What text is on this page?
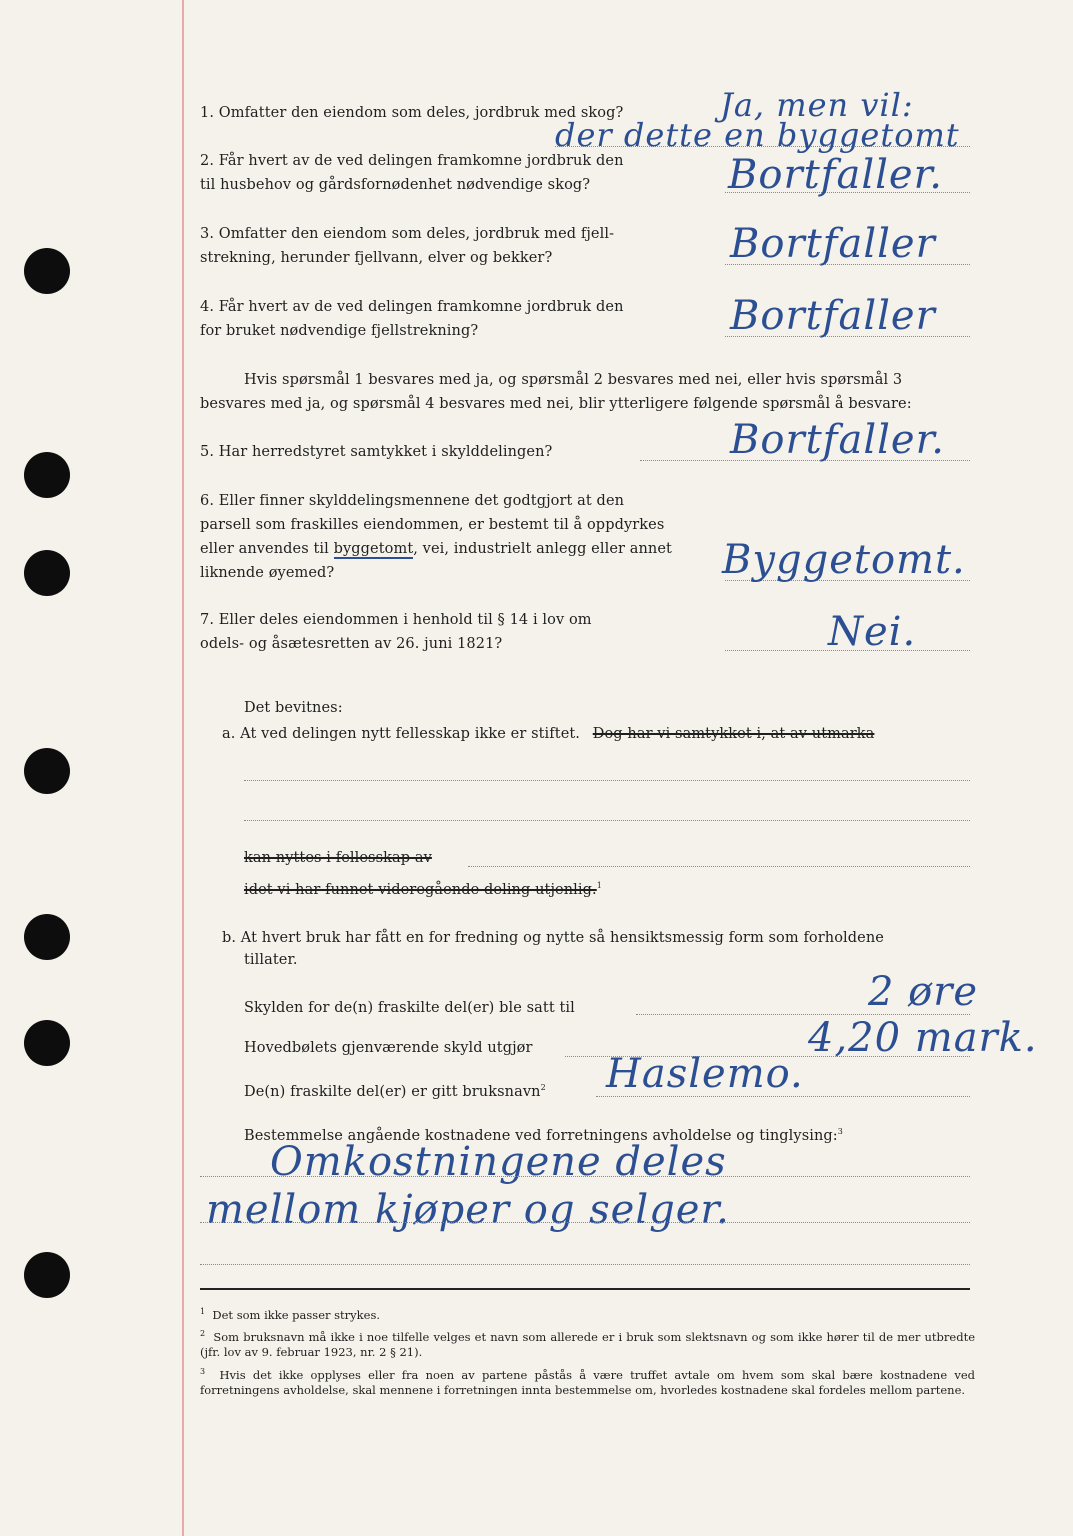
1. Omfatter den eiendom som deles, jordbruk med skog?	Ja, men vil:
der dette en byggetomt
2. Får hvert av de ved delingen framkomne jordbruk den
til husbehov og gårdsfornødenhet nødvendige skog?	Bortfaller.
3. Omfatter den eiendom som deles, jordbruk med fjell-
strekning, herunder fjellvann, elver og bekker?	Bortfaller
4. Får hvert av de ved delingen framkomne jordbruk den
for bruket nødvendige fjellstrekning?	Bortfaller
Hvis spørsmål 1 besvares med ja, og spørsmål 2 besvares med nei, eller hvis spørsmål 3
besvares med ja, og spørsmål 4 besvares med nei, blir ytterligere følgende spørsmål å besvare:
5. Har herredstyret samtykket i skylddelingen?	Bortfaller.
6. Eller finner skylddelingsmennene det godtgjort at den
parsell som fraskilles eiendommen, er bestemt til å oppdyrkes
eller anvendes til byggetomt, vei, industrielt anlegg eller annet
liknende øyemed?	Byggetomt.
7. Eller deles eiendommen i henhold til § 14 i lov om
odels- og åsætesretten av 26. juni 1821?	Nei.
Det bevitnes:
a. At ved delingen nytt fellesskap ikke er stiftet. Dog har vi samtykket i, at av utmarka
kan nyttes i fellesskap av
idet vi har funnet videregående deling utjenlig.$^1$
b. At hvert bruk har fått en for fredning og nytte så hensiktsmessig form som forholdene
tillater.
Skylden for de(n) fraskilte del(er) ble satt til	2 øre
Hovedbølets gjenværende skyld utgjør	4,20 mark.
De(n) fraskilte del(er) er gitt bruksnavn$^2$ Haslemo.
Bestemmelse angående kostnadene ved forretningens avholdelse og tinglysing:$^3$
Omkostningene deles
mellom kjøper og selger.
$^1$ Det som ikke passer strykes.
$^2$ Som bruksnavn må ikke i noe tilfelle velges et navn som allerede er i bruk som slektsnavn og som ikke hører til de mer utbredte (jfr. lov av 9. februar 1923, nr. 2 § 21).
$^3$ Hvis det ikke opplyses eller fra noen av partene påstås å være truffet avtale om hvem som skal bære kostnadene ved forretningens avholdelse, skal mennene i forretningen innta bestemmelse om, hvorledes kostnadene skal fordeles mellom partene.
